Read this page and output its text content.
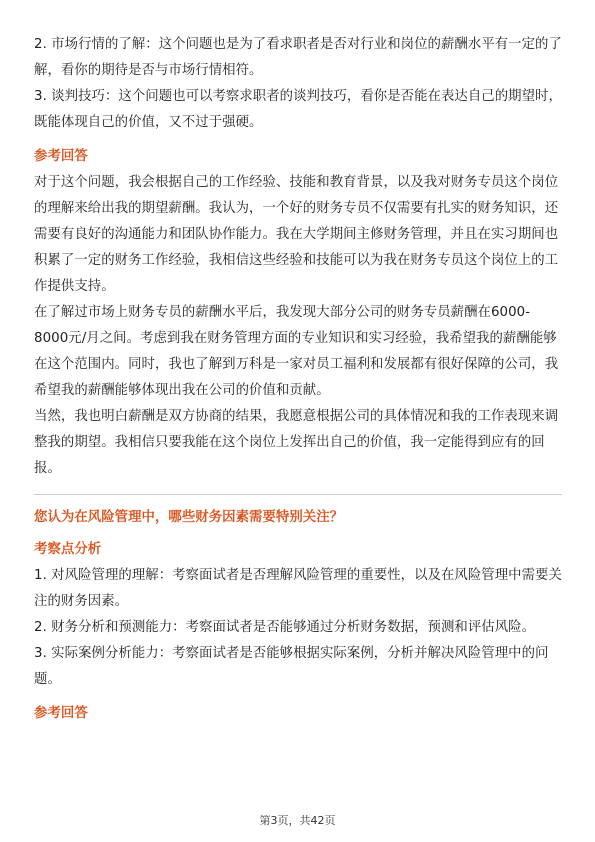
2. 市场行情的了解：这个问题也是为了看求职者是否对行业和岗位的薪酬水平有一定的了解，看你的期待是否与市场行情相符。

3. 谈判技巧：这个问题也可以考察求职者的谈判技巧，看你是否能在表达自己的期望时，既能体现自己的价值，又不过于强硬。

参考回答

对于这个问题，我会根据自己的工作经验、技能和教育背景，以及我对财务专员这个岗位的理解来给出我的期望薪酬。我认为，一个好的财务专员不仅需要有扎实的财务知识，还需要有良好的沟通能力和团队协作能力。我在大学期间主修财务管理，并且在实习期间也积累了一定的财务工作经验，我相信这些经验和技能可以为我在财务专员这个岗位上的工作提供支持。

在了解过市场上财务专员的薪酬水平后，我发现大部分公司的财务专员薪酬在6000-8000元/月之间。考虑到我在财务管理方面的专业知识和实习经验，我希望我的薪酬能够在这个范围内。同时，我也了解到万科是一家对员工福利和发展都有很好保障的公司，我希望我的薪酬能够体现出我在公司的价值和贡献。

当然，我也明白薪酬是双方协商的结果，我愿意根据公司的具体情况和我的工作表现来调整我的期望。我相信只要我能在这个岗位上发挥出自己的价值，我一定能得到应有的回报。

您认为在风险管理中，哪些财务因素需要特别关注？

考察点分析

1. 对风险管理的理解：考察面试者是否理解风险管理的重要性，以及在风险管理中需要关注的财务因素。

2. 财务分析和预测能力：考察面试者是否能够通过分析财务数据，预测和评估风险。

3. 实际案例分析能力：考察面试者是否能够根据实际案例，分析并解决风险管理中的问题。

参考回答

第3页，共42页
